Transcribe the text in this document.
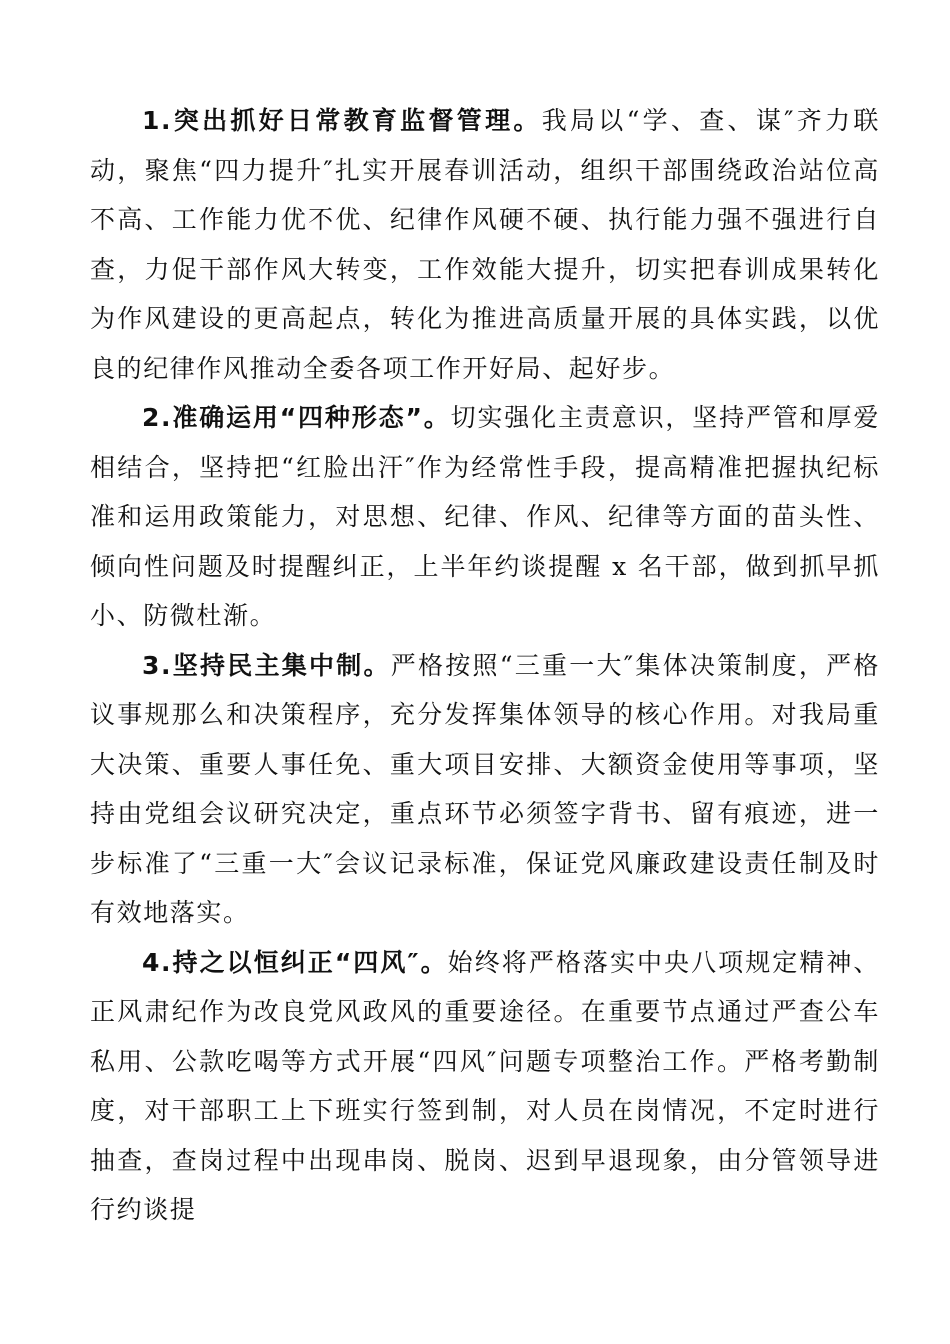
1.突出抓好日常教育监督管理。我局以“学、查、谋″齐力联动，聚焦“四力提升″扎实开展春训活动，组织干部围绕政治站位高不高、工作能力优不优、纪律作风硬不硬、执行能力强不强进行自查，力促干部作风大转变，工作效能大提升，切实把春训成果转化为作风建设的更高起点，转化为推进高质量开展的具体实践，以优良的纪律作风推动全委各项工作开好局、起好步。

2.准确运用“四种形态”。切实强化主责意识，坚持严管和厚爱相结合，坚持把“红脸出汗″作为经常性手段，提高精准把握执纪标准和运用政策能力，对思想、纪律、作风、纪律等方面的苗头性、倾向性问题及时提醒纠正，上半年约谈提醒 x 名干部，做到抓早抓小、防微杜渐。

3.坚持民主集中制。严格按照“三重一大″集体决策制度，严格议事规那么和决策程序，充分发挥集体领导的核心作用。对我局重大决策、重要人事任免、重大项目安排、大额资金使用等事项，坚持由党组会议研究决定，重点环节必须签字背书、留有痕迹，进一步标准了“三重一大″会议记录标准，保证党风廉政建设责任制及时有效地落实。

4.持之以恒纠正“四风″。始终将严格落实中央八项规定精神、正风肃纪作为改良党风政风的重要途径。在重要节点通过严查公车私用、公款吃喝等方式开展“四风″问题专项整治工作。严格考勤制度，对干部职工上下班实行签到制，对人员在岗情况，不定时进行抽查，查岗过程中出现串岗、脱岗、迟到早退现象，由分管领导进行约谈提
